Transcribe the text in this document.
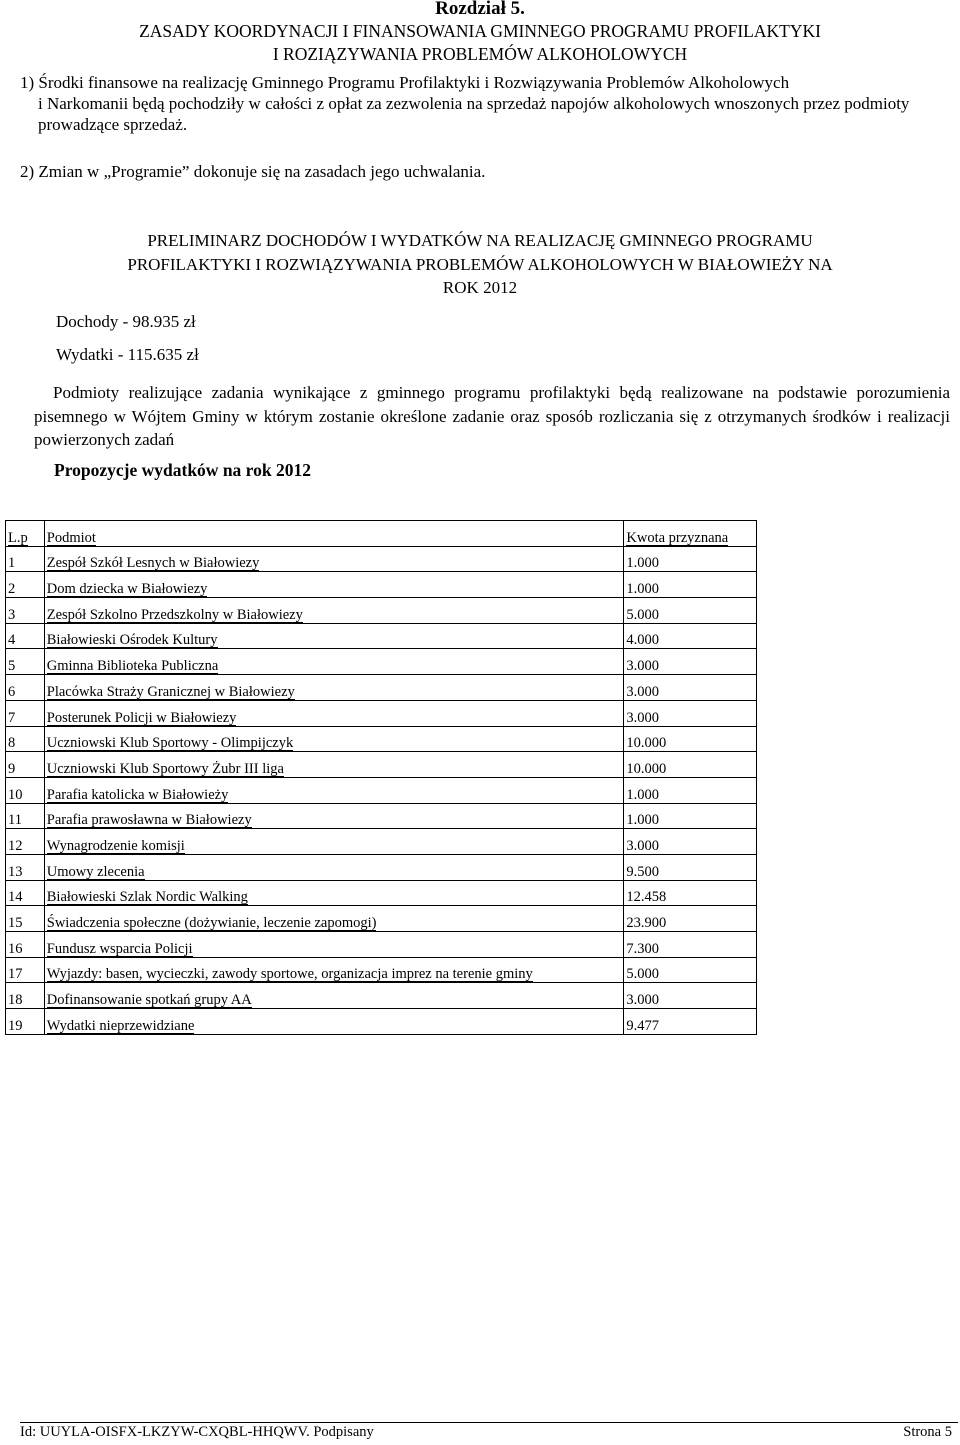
Rozdział 5.
ZASADY KOORDYNACJI I FINANSOWANIA GMINNEGO PROGRAMU PROFILAKTYKI
I ROZIĄZYWANIA PROBLEMÓW ALKOHOLOWYCH
1) Środki finansowe na realizację Gminnego Programu Profilaktyki i Rozwiązywania Problemów Alkoholowych
i Narkomanii będą pochodziły w całości z opłat za zezwolenia na sprzedaż napojów alkoholowych wnoszonych przez podmioty prowadzące sprzedaż.
2) Zmian w „Programie” dokonuje się na zasadach jego uchwalania.
PRELIMINARZ DOCHODÓW I WYDATKÓW NA REALIZACJĘ GMINNEGO PROGRAMU
PROFILAKTYKI I ROZWIĄZYWANIA PROBLEMÓW ALKOHOLOWYCH W BIAŁOWIEŻY NA
ROK 2012
Dochody - 98.935 zł
Wydatki - 115.635 zł
Podmioty realizujące zadania wynikające z gminnego programu profilaktyki będą realizowane na podstawie porozumienia pisemnego w Wójtem Gminy w którym zostanie określone zadanie oraz sposób rozliczania się z otrzymanych środków i realizacji powierzonych zadań
Propozycje wydatków na rok 2012
L.p	Podmiot	Kwota przyznana
1	Zespół Szkół Lesnych w Białowiezy	1.000
2	Dom dziecka w Białowiezy	1.000
3	Zespół Szkolno Przedszkolny w Białowiezy	5.000
4	Białowieski Ośrodek Kultury	4.000
5	Gminna Biblioteka Publiczna	3.000
6	Placówka Straży Granicznej w Białowiezy	3.000
7	Posterunek Policji w Białowiezy	3.000
8	Uczniowski Klub Sportowy - Olimpijczyk	10.000
9	Uczniowski Klub Sportowy Żubr III liga	10.000
10	Parafia katolicka w Białowieży	1.000
11	Parafia prawosławna w Białowiezy	1.000
12	Wynagrodzenie komisji	3.000
13	Umowy zlecenia	9.500
14	Białowieski Szlak Nordic Walking	12.458
15	Świadczenia społeczne (dożywianie, leczenie zapomogi)	23.900
16	Fundusz wsparcia Policji	7.300
17	Wyjazdy: basen, wycieczki, zawody sportowe, organizacja imprez na terenie gminy	5.000
18	Dofinansowanie spotkań grupy AA	3.000
19	Wydatki nieprzewidziane	9.477
Id: UUYLA-OISFX-LKZYW-CXQBL-HHQWV. Podpisany	Strona 5
